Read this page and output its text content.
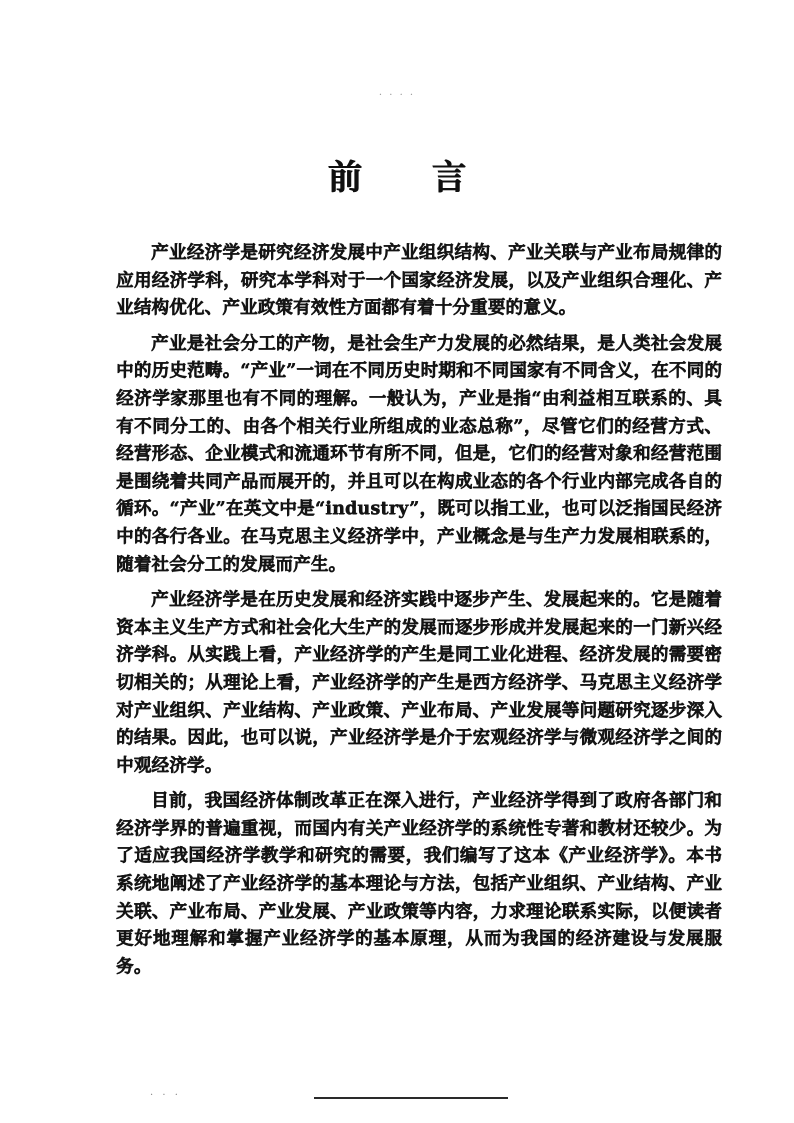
· · · ·
前言

产业经济学是研究经济发展中产业组织结构、产业关联与产业布局规律的应用经济学科，研究本学科对于一个国家经济发展，以及产业组织合理化、产业结构优化、产业政策有效性方面都有着十分重要的意义。

产业是社会分工的产物，是社会生产力发展的必然结果，是人类社会发展中的历史范畴。“产业”一词在不同历史时期和不同国家有不同含义，在不同的经济学家那里也有不同的理解。一般认为，产业是指“由利益相互联系的、具有不同分工的、由各个相关行业所组成的业态总称”，尽管它们的经营方式、经营形态、企业模式和流通环节有所不同，但是，它们的经营对象和经营范围是围绕着共同产品而展开的，并且可以在构成业态的各个行业内部完成各自的循环。“产业”在英文中是“industry”，既可以指工业，也可以泛指国民经济中的各行各业。在马克思主义经济学中，产业概念是与生产力发展相联系的，随着社会分工的发展而产生。

产业经济学是在历史发展和经济实践中逐步产生、发展起来的。它是随着资本主义生产方式和社会化大生产的发展而逐步形成并发展起来的一门新兴经济学科。从实践上看，产业经济学的产生是同工业化进程、经济发展的需要密切相关的；从理论上看，产业经济学的产生是西方经济学、马克思主义经济学对产业组织、产业结构、产业政策、产业布局、产业发展等问题研究逐步深入的结果。因此，也可以说，产业经济学是介于宏观经济学与微观经济学之间的中观经济学。

目前，我国经济体制改革正在深入进行，产业经济学得到了政府各部门和经济学界的普遍重视，而国内有关产业经济学的系统性专著和教材还较少。为了适应我国经济学教学和研究的需要，我们编写了这本《产业经济学》。本书系统地阐述了产业经济学的基本理论与方法，包括产业组织、产业结构、产业关联、产业布局、产业发展、产业政策等内容，力求理论联系实际，以便读者更好地理解和掌握产业经济学的基本原理，从而为我国的经济建设与发展服务。

· · ·
